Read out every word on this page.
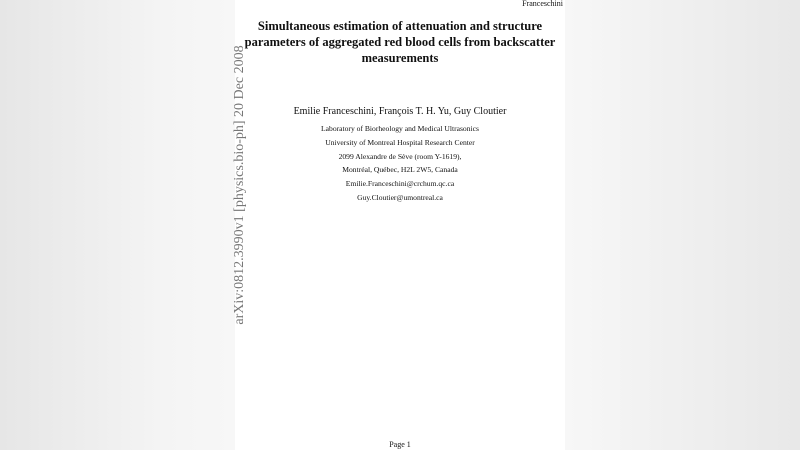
Franceschini
Simultaneous estimation of attenuation and structure
parameters of aggregated red blood cells from backscatter
measurements
Emilie Franceschini, François T. H. Yu, Guy Cloutier
Laboratory of Biorheology and Medical Ultrasonics
University of Montreal Hospital Research Center
2099 Alexandre de Sève (room Y-1619),
Montréal, Québec, H2L 2W5, Canada
Emilie.Franceschini@crchum.qc.ca
Guy.Cloutier@umontreal.ca
Page 1
arXiv:0812.3990v1 [physics.bio-ph] 20 Dec 2008
